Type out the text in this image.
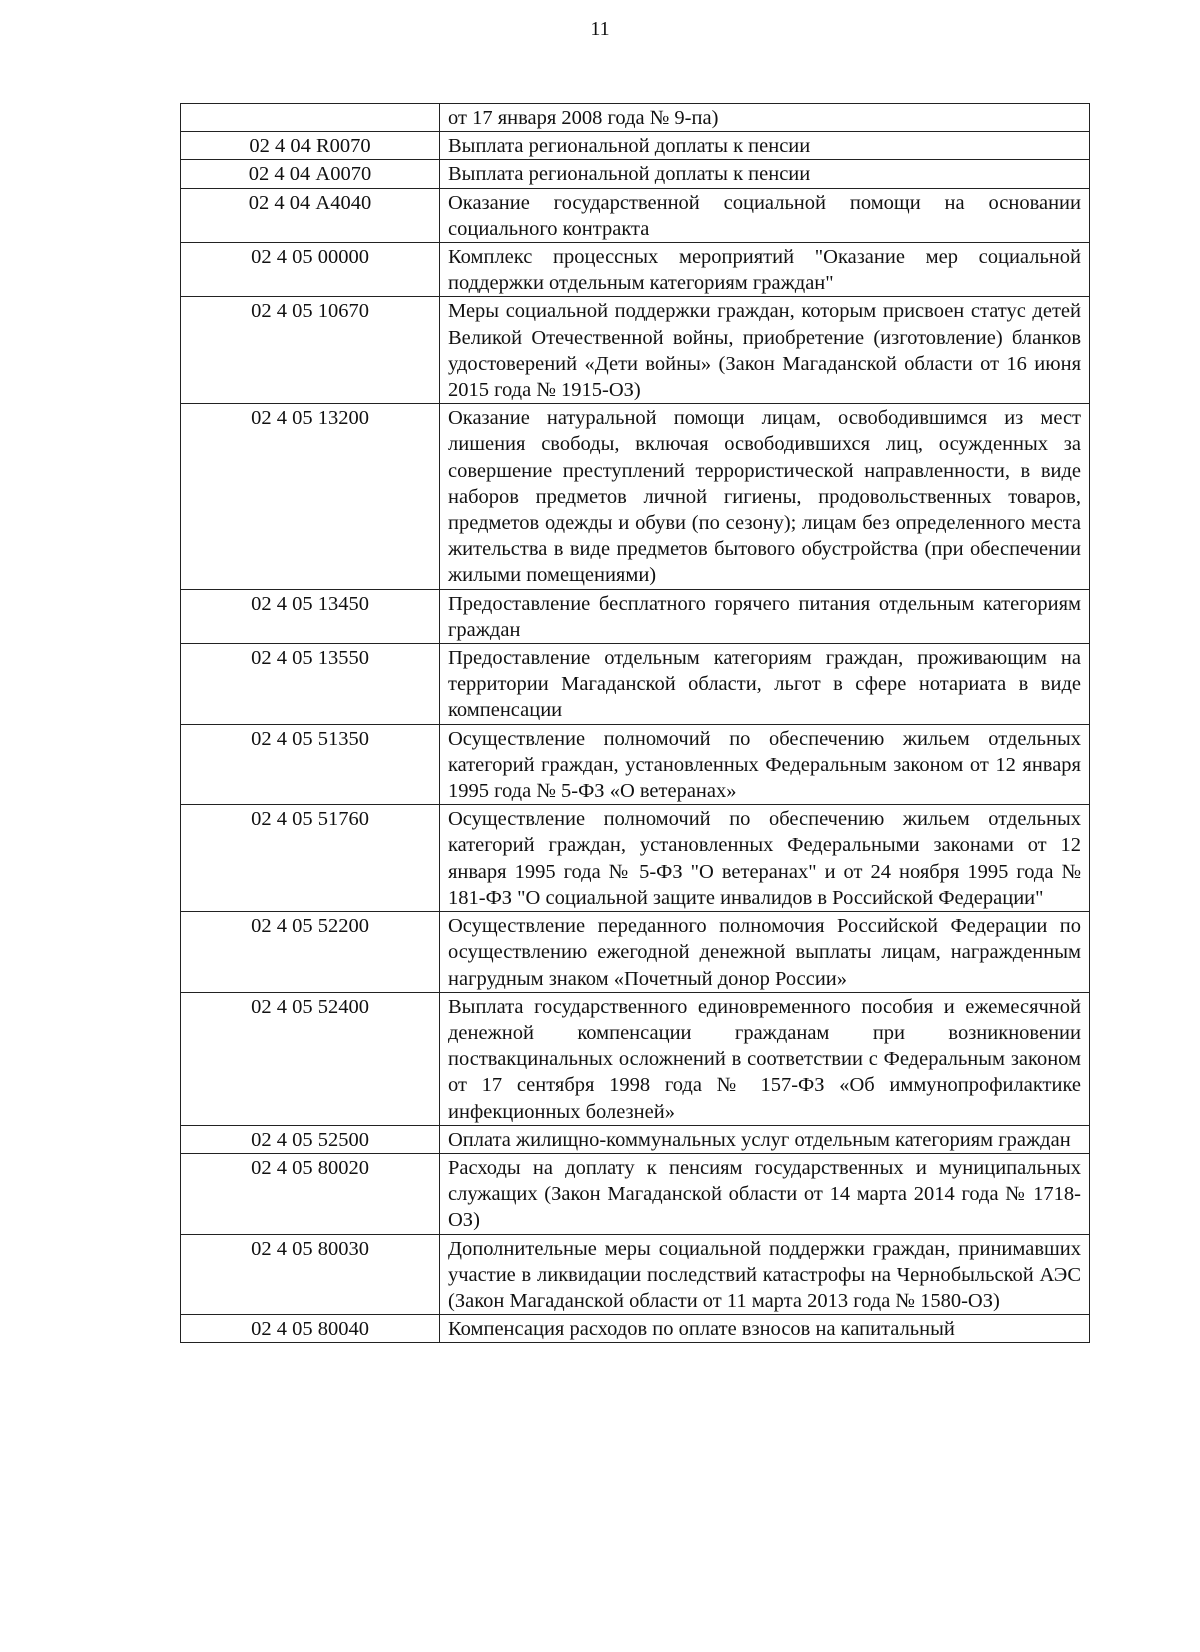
11
	от 17 января 2008 года № 9-па)
02 4 04 R0070	Выплата региональной доплаты к пенсии
02 4 04 А0070	Выплата региональной доплаты к пенсии
02 4 04 А4040	Оказание государственной социальной помощи на основании социального контракта
02 4 05 00000	Комплекс процессных мероприятий "Оказание мер социальной поддержки отдельным категориям граждан"
02 4 05 10670	Меры социальной поддержки граждан, которым присвоен статус детей Великой Отечественной войны, приобретение (изготовление) бланков удостоверений «Дети войны» (Закон Магаданской области от 16 июня 2015 года № 1915-ОЗ)
02 4 05 13200	Оказание натуральной помощи лицам, освободившимся из мест лишения свободы, включая освободившихся лиц, осужденных за совершение преступлений террористической направленности, в виде наборов предметов личной гигиены, продовольственных товаров, предметов одежды и обуви (по сезону); лицам без определенного места жительства в виде предметов бытового обустройства (при обеспечении жилыми помещениями)
02 4 05 13450	Предоставление бесплатного горячего питания отдельным категориям граждан
02 4 05 13550	Предоставление отдельным категориям граждан, проживающим на территории Магаданской области, льгот в сфере нотариата в виде компенсации
02 4 05 51350	Осуществление полномочий по обеспечению жильем отдельных категорий граждан, установленных Федеральным законом от 12 января 1995 года № 5-ФЗ «О ветеранах»
02 4 05 51760	Осуществление полномочий по обеспечению жильем отдельных категорий граждан, установленных Федеральными законами от 12 января 1995 года № 5-ФЗ "О ветеранах" и от 24 ноября 1995 года № 181-ФЗ "О социальной защите инвалидов в Российской Федерации"
02 4 05 52200	Осуществление переданного полномочия Российской Федерации по осуществлению ежегодной денежной выплаты лицам, награжденным нагрудным знаком «Почетный донор России»
02 4 05 52400	Выплата государственного единовременного пособия и ежемесячной денежной компенсации гражданам при возникновении поствакцинальных осложнений в соответствии с Федеральным законом от 17 сентября 1998 года № 157-ФЗ «Об иммунопрофилактике инфекционных болезней»
02 4 05 52500	Оплата жилищно-коммунальных услуг отдельным категориям граждан
02 4 05 80020	Расходы на доплату к пенсиям государственных и муниципальных служащих (Закон Магаданской области от 14 марта 2014 года № 1718-ОЗ)
02 4 05 80030	Дополнительные меры социальной поддержки граждан, принимавших участие в ликвидации последствий катастрофы на Чернобыльской АЭС (Закон Магаданской области от 11 марта 2013 года № 1580-ОЗ)
02 4 05 80040	Компенсация расходов по оплате взносов на капитальный
